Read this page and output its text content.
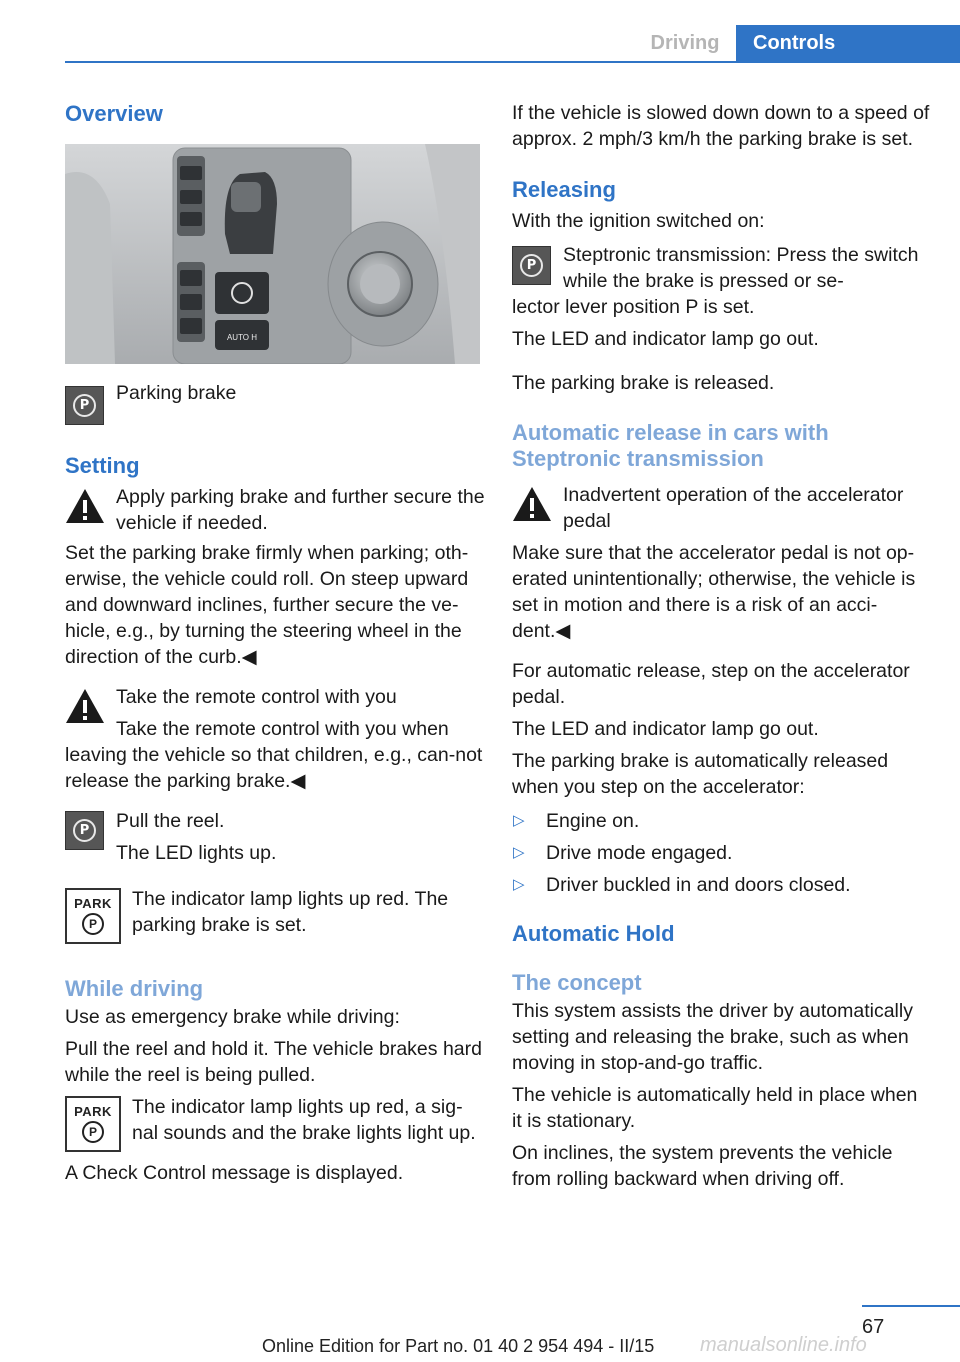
Driving	Controls
Overview
AUTO H
P

Parking brake

Setting

Apply parking brake and further secure the vehicle if needed.

Set the parking brake firmly when parking; oth‐erwise, the vehicle could roll. On steep upward and downward inclines, further secure the ve‐hicle, e.g., by turning the steering wheel in the direction of the curb.◀

Take the remote control with you

Take the remote control with you when

leaving the vehicle so that children, e.g., can‐not release the parking brake.◀

P	Pull the reel.

The LED lights up.

PARK
P

The indicator lamp lights up red. The parking brake is set.

While driving

Use as emergency brake while driving:

Pull the reel and hold it. The vehicle brakes hard while the reel is being pulled.

PARK
P

The indicator lamp lights up red, a sig‐nal sounds and the brake lights light up.

A Check Control message is displayed.

If the vehicle is slowed down down to a speed of approx. 2 mph/3 km/h the parking brake is set.

Releasing

With the ignition switched on:

P	Steptronic transmission: Press the switch while the brake is pressed or se‐

lector lever position P is set.

The LED and indicator lamp go out.

The parking brake is released.

Automatic release in cars with Steptronic transmission

Inadvertent operation of the accelerator pedal

Make sure that the accelerator pedal is not op‐erated unintentionally; otherwise, the vehicle is set in motion and there is a risk of an acci‐dent.◀

For automatic release, step on the accelerator pedal.

The LED and indicator lamp go out.

The parking brake is automatically released when you step on the accelerator:

▷ Engine on.
▷ Drive mode engaged.
▷ Driver buckled in and doors closed.
Automatic Hold
The concept

This system assists the driver by automatically setting and releasing the brake, such as when moving in stop-and-go traffic.

The vehicle is automatically held in place when it is stationary.

On inclines, the system prevents the vehicle from rolling backward when driving off.

67
Online Edition for Part no. 01 40 2 954 494 - II/15 manualsonline.info
